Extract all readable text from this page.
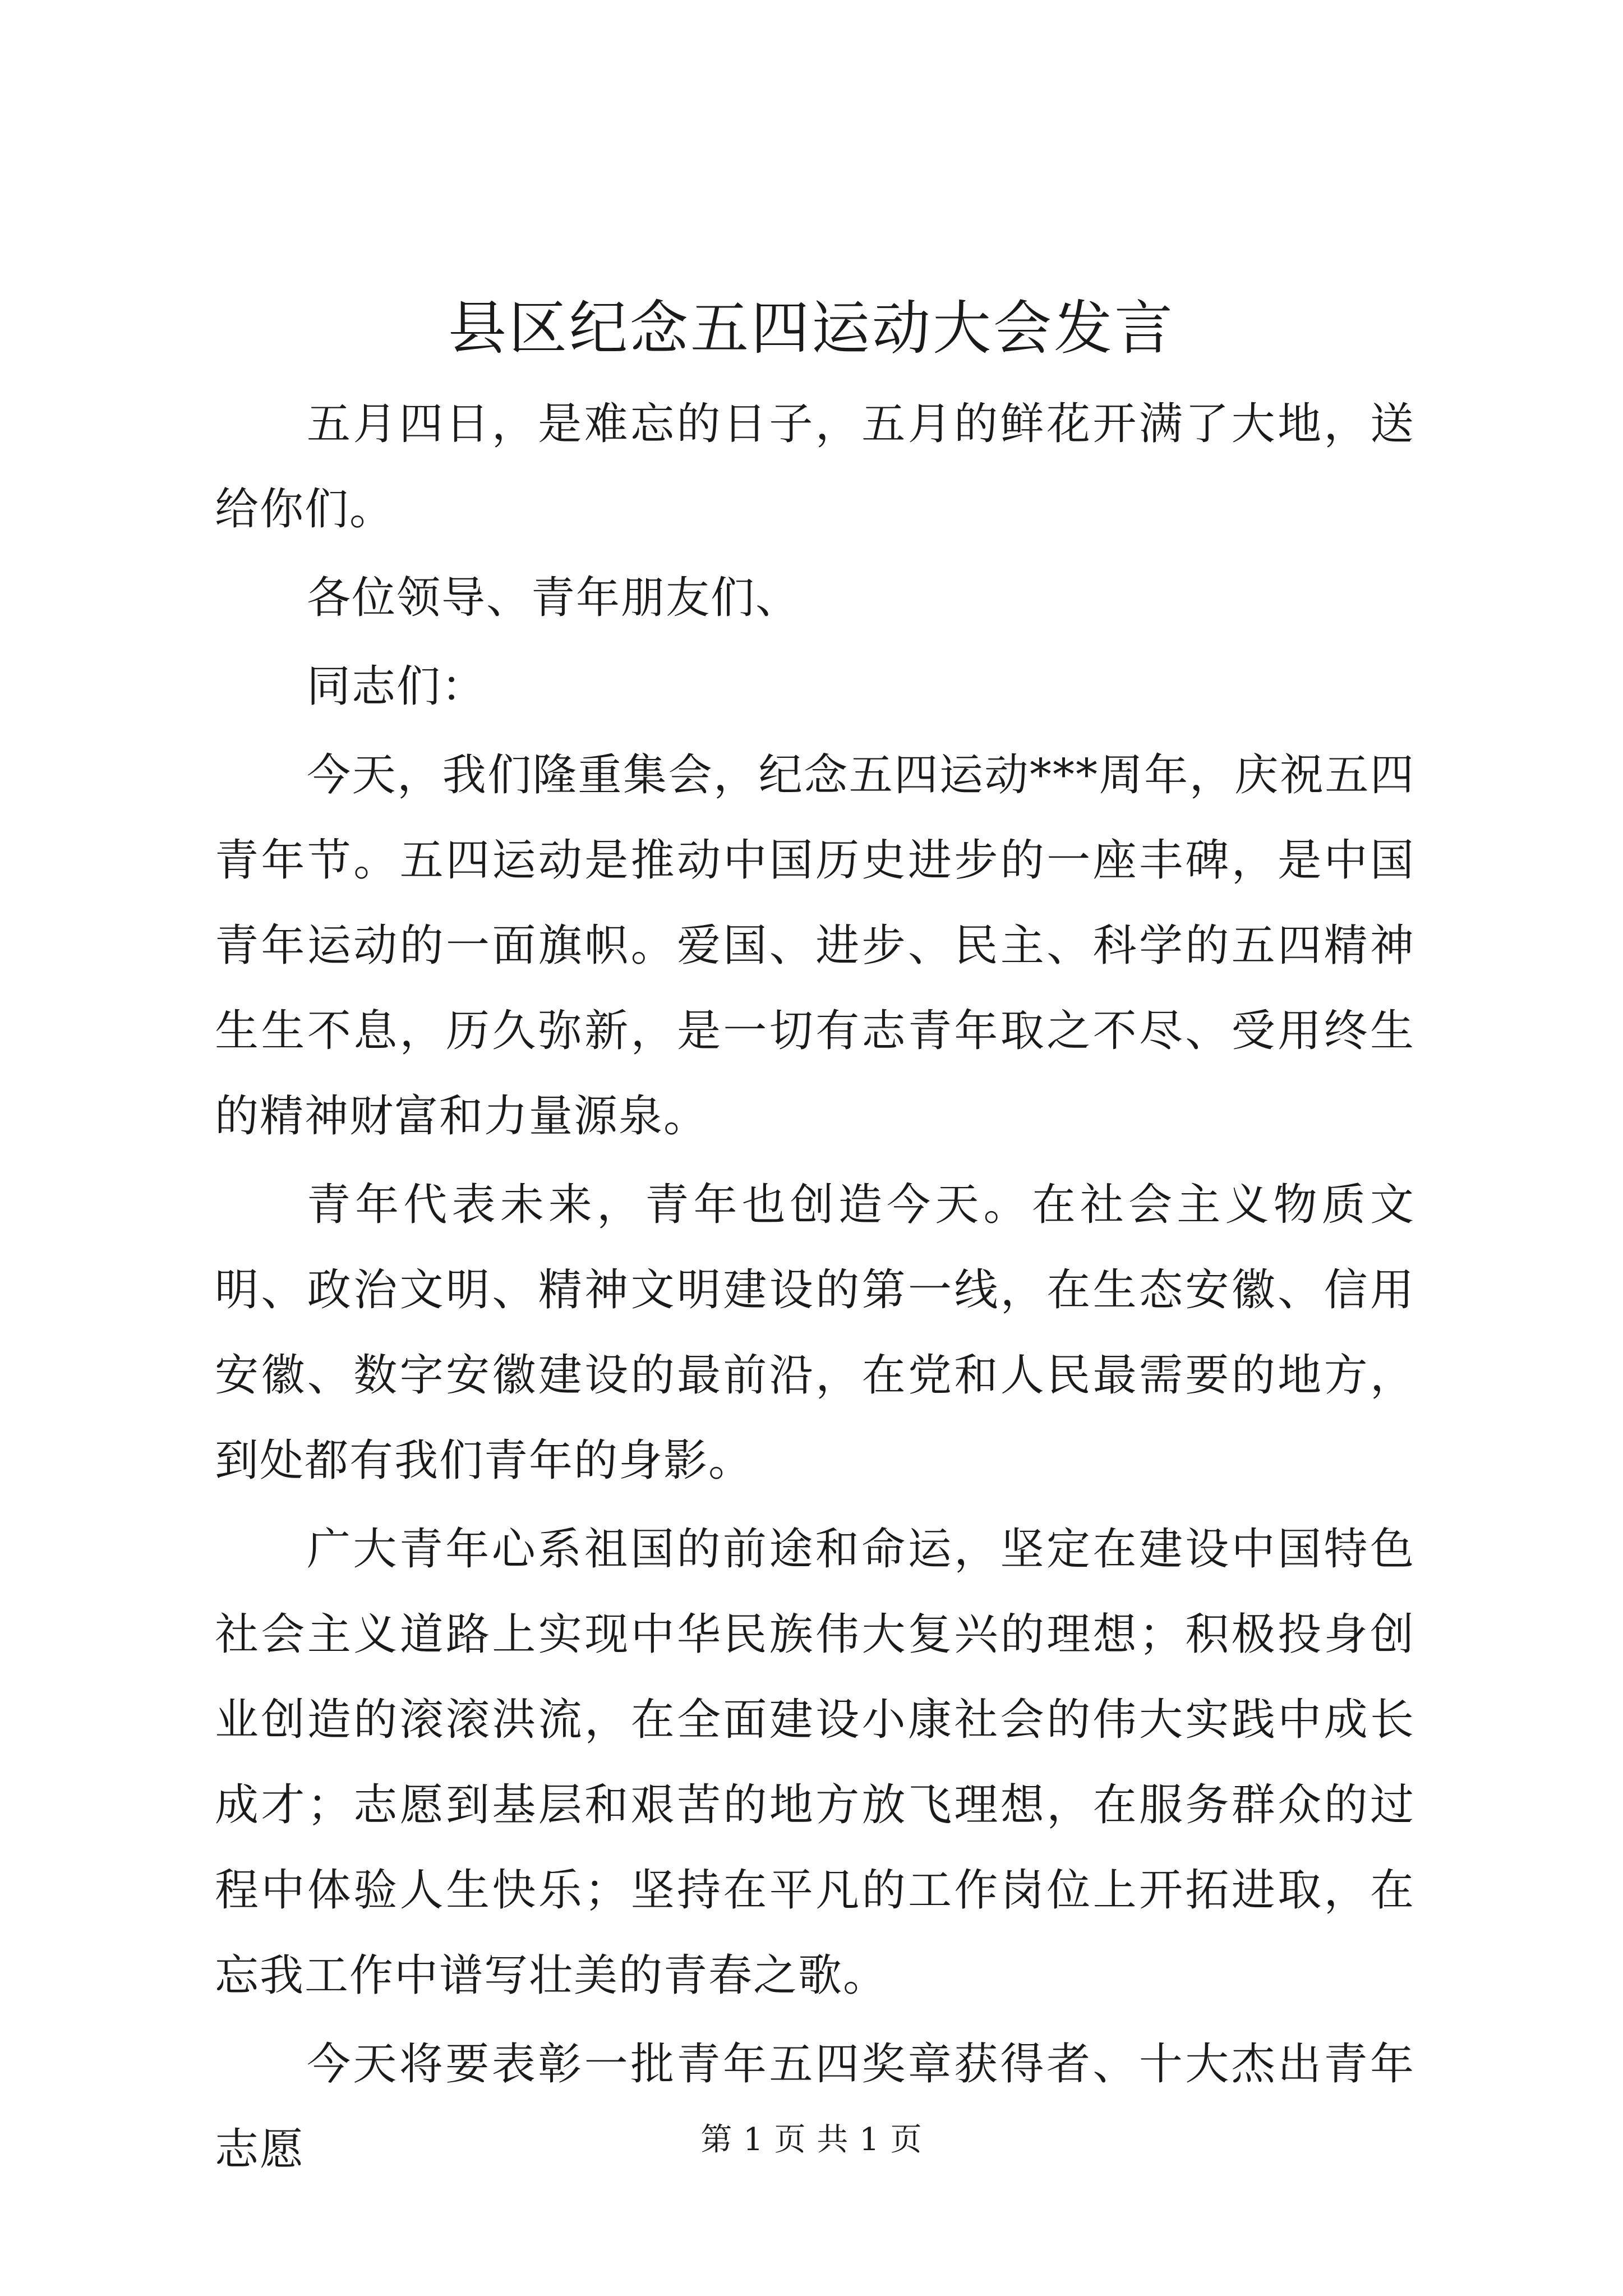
县区纪念五四运动大会发言

五月四日，是难忘的日子，五月的鲜花开满了大地，送给你们。

各位领导、青年朋友们、

同志们：

今天，我们隆重集会，纪念五四运动***周年，庆祝五四青年节。五四运动是推动中国历史进步的一座丰碑，是中国青年运动的一面旗帜。爱国、进步、民主、科学的五四精神生生不息，历久弥新，是一切有志青年取之不尽、受用终生的精神财富和力量源泉。

青年代表未来，青年也创造今天。在社会主义物质文明、政治文明、精神文明建设的第一线，在生态安徽、信用安徽、数字安徽建设的最前沿，在党和人民最需要的地方，到处都有我们青年的身影。

广大青年心系祖国的前途和命运，坚定在建设中国特色社会主义道路上实现中华民族伟大复兴的理想；积极投身创业创造的滚滚洪流，在全面建设小康社会的伟大实践中成长成才；志愿到基层和艰苦的地方放飞理想，在服务群众的过程中体验人生快乐；坚持在平凡的工作岗位上开拓进取，在忘我工作中谱写壮美的青春之歌。

今天将要表彰一批青年五四奖章获得者、十大杰出青年志愿	第 1 页 共 1 页
